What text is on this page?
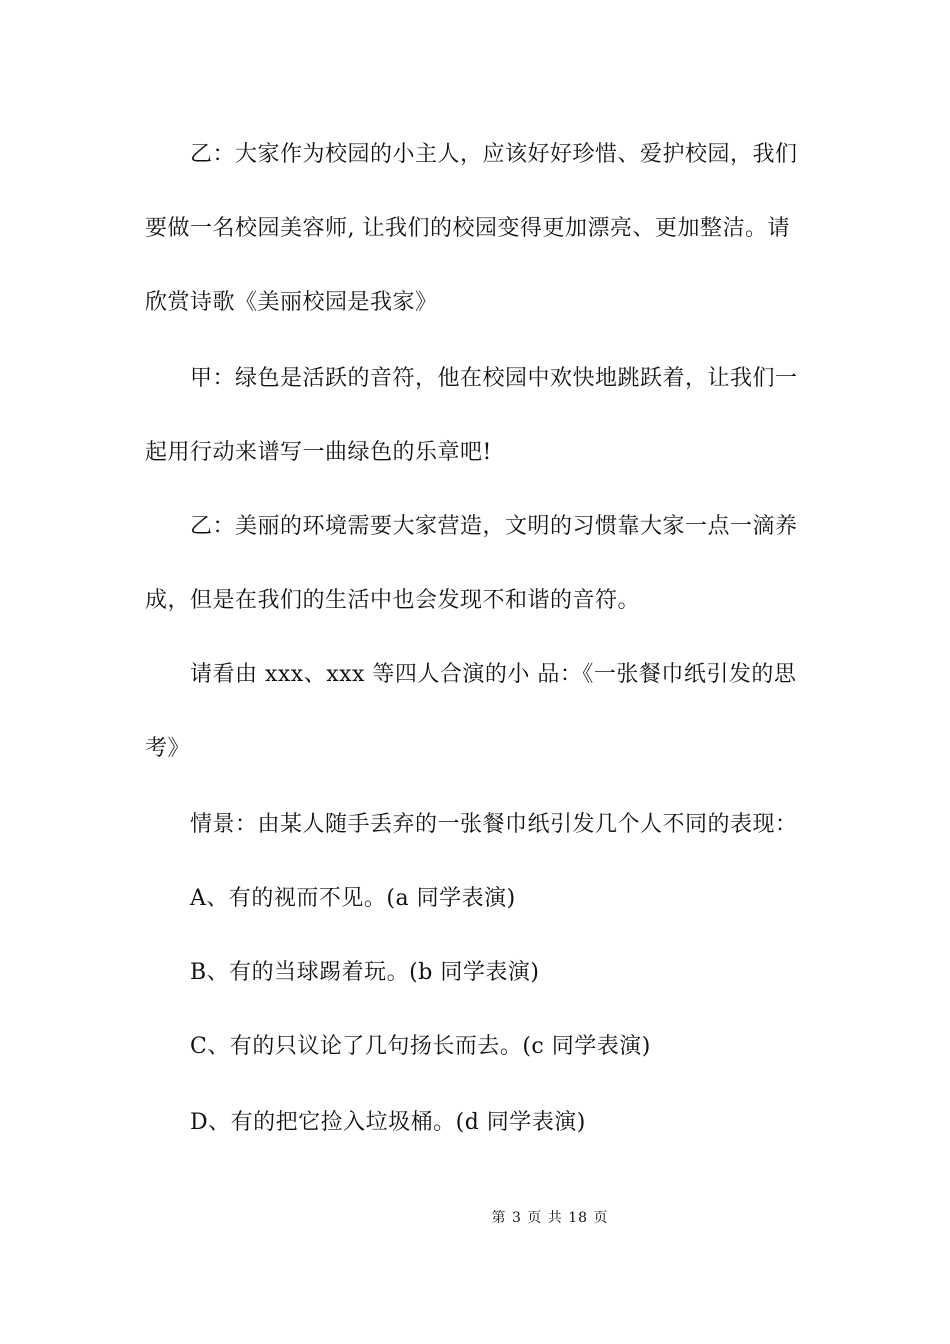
乙：大家作为校园的小主人，应该好好珍惜、爱护校园，我们
要做一名校园美容师, 让我们的校园变得更加漂亮、更加整洁。请
欣赏诗歌《美丽校园是我家》
甲：绿色是活跃的音符，他在校园中欢快地跳跃着，让我们一
起用行动来谱写一曲绿色的乐章吧!
乙：美丽的环境需要大家营造，文明的习惯靠大家一点一滴养
成，但是在我们的生活中也会发现不和谐的音符。
请看由 xxx、xxx 等四人合演的小 品：《一张餐巾纸引发的思
考》
情景：由某人随手丢弃的一张餐巾纸引发几个人不同的表现：
A、有的视而不见。(a 同学表演)
B、有的当球踢着玩。(b 同学表演)
C、有的只议论了几句扬长而去。(c 同学表演)
D、有的把它捡入垃圾桶。(d 同学表演)
第 3 页 共 18 页
